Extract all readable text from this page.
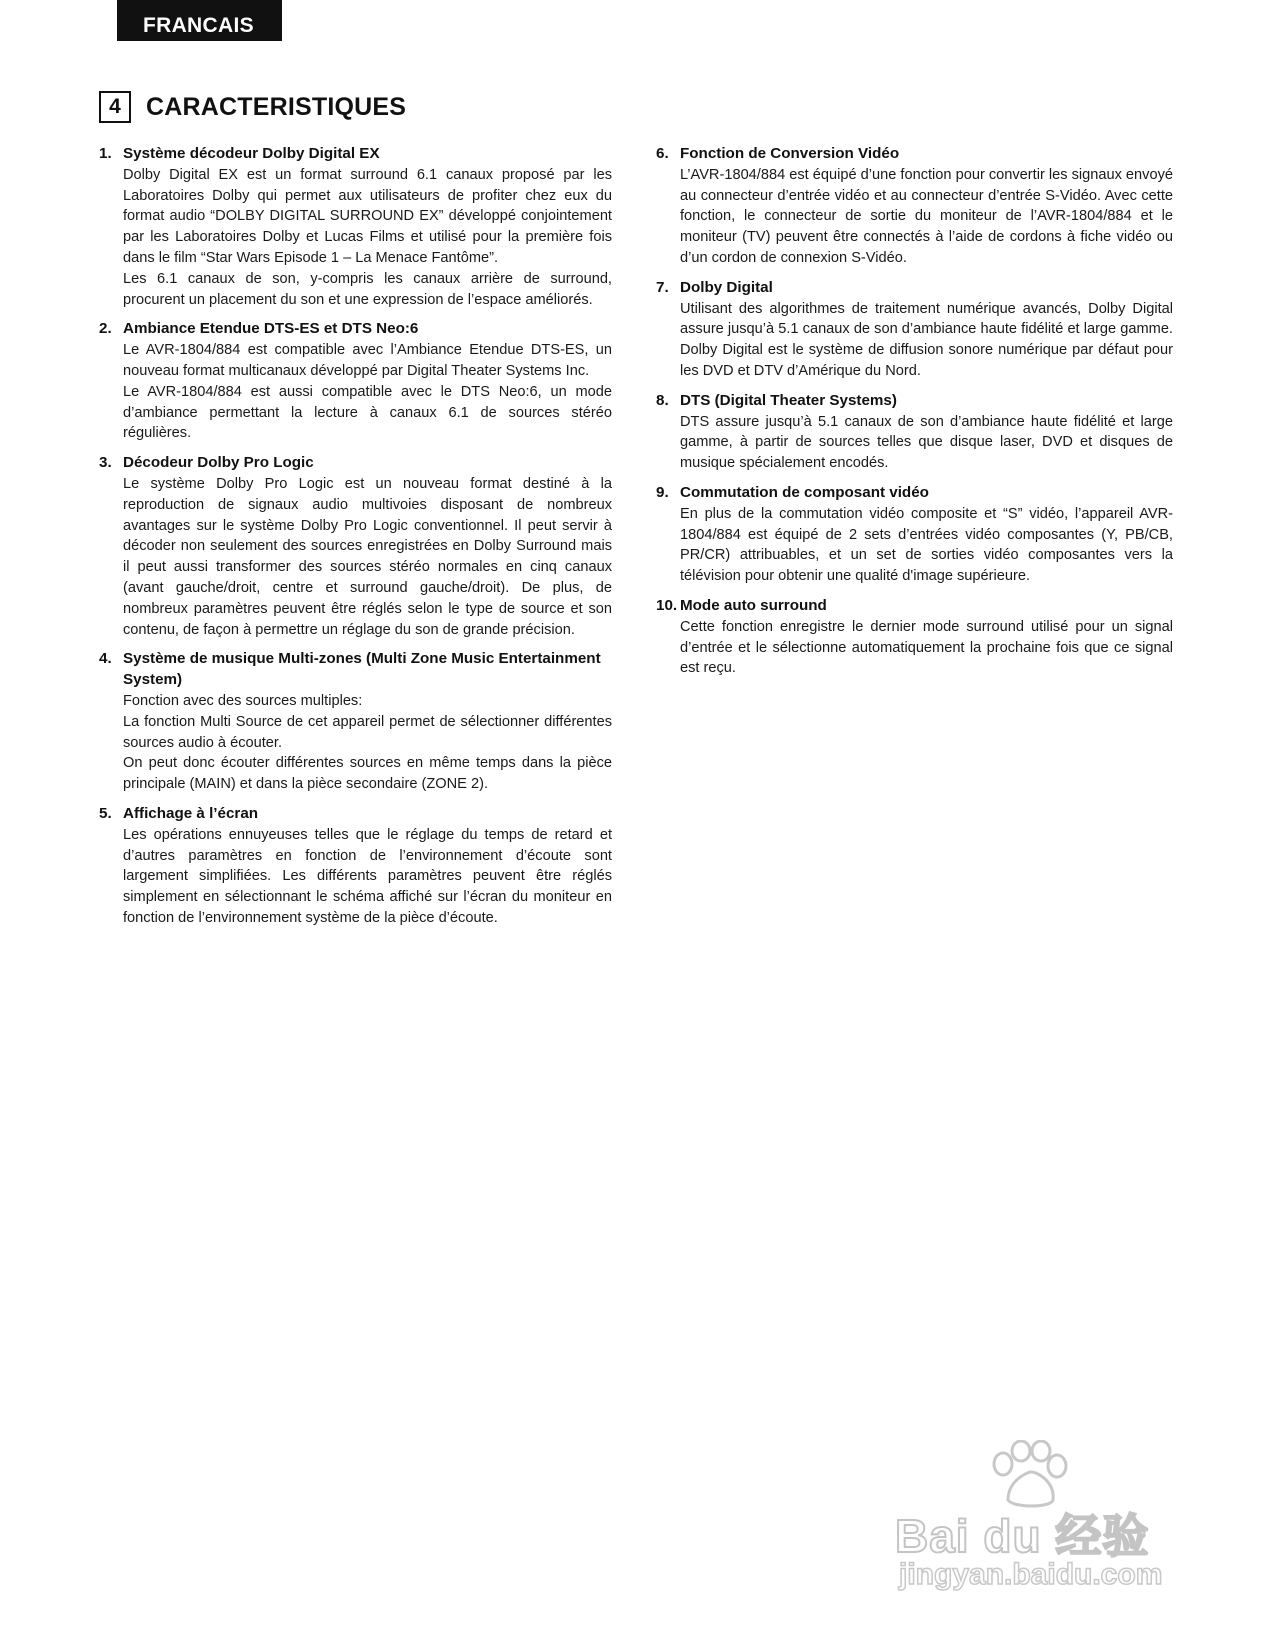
FRANCAIS
4	CARACTERISTIQUES
1. Système décodeur Dolby Digital EX

Dolby Digital EX est un format surround 6.1 canaux proposé par les Laboratoires Dolby qui permet aux utilisateurs de profiter chez eux du format audio “DOLBY DIGITAL SURROUND EX” développé conjointement par les Laboratoires Dolby et Lucas Films et utilisé pour la première fois dans le film “Star Wars Episode 1 – La Menace Fantôme”.

Les 6.1 canaux de son, y-compris les canaux arrière de surround, procurent un placement du son et une expression de l’espace améliorés.

2. Ambiance Etendue DTS-ES et DTS Neo:6

Le AVR-1804/884 est compatible avec l’Ambiance Etendue DTS-ES, un nouveau format multicanaux développé par Digital Theater Systems Inc.

Le AVR-1804/884 est aussi compatible avec le DTS Neo:6, un mode d’ambiance permettant la lecture à canaux 6.1 de sources stéréo régulières.

3. Décodeur Dolby Pro Logic

Le système Dolby Pro Logic est un nouveau format destiné à la reproduction de signaux audio multivoies disposant de nombreux avantages sur le système Dolby Pro Logic conventionnel. Il peut servir à décoder non seulement des sources enregistrées en Dolby Surround mais il peut aussi transformer des sources stéréo normales en cinq canaux (avant gauche/droit, centre et surround gauche/droit). De plus, de nombreux paramètres peuvent être réglés selon le type de source et son contenu, de façon à permettre un réglage du son de grande précision.

4. Système de musique Multi-zones (Multi Zone Music Entertainment System)

Fonction avec des sources multiples:

La fonction Multi Source de cet appareil permet de sélectionner différentes sources audio à écouter.

On peut donc écouter différentes sources en même temps dans la pièce principale (MAIN) et dans la pièce secondaire (ZONE 2).

5. Affichage à l’écran

Les opérations ennuyeuses telles que le réglage du temps de retard et d’autres paramètres en fonction de l’environnement d’écoute sont largement simplifiées. Les différents paramètres peuvent être réglés simplement en sélectionnant le schéma affiché sur l’écran du moniteur en fonction de l’environnement système de la pièce d’écoute.

6. Fonction de Conversion Vidéo

L’AVR-1804/884 est équipé d’une fonction pour convertir les signaux envoyé au connecteur d’entrée vidéo et au connecteur d’entrée S-Vidéo. Avec cette fonction, le connecteur de sortie du moniteur de l’AVR-1804/884 et le moniteur (TV) peuvent être connectés à l’aide de cordons à fiche vidéo ou d’un cordon de connexion S-Vidéo.

7. Dolby Digital

Utilisant des algorithmes de traitement numérique avancés, Dolby Digital assure jusqu’à 5.1 canaux de son d’ambiance haute fidélité et large gamme. Dolby Digital est le système de diffusion sonore numérique par défaut pour les DVD et DTV d’Amérique du Nord.

8. DTS (Digital Theater Systems)

DTS assure jusqu’à 5.1 canaux de son d’ambiance haute fidélité et large gamme, à partir de sources telles que disque laser, DVD et disques de musique spécialement encodés.

9. Commutation de composant vidéo

En plus de la commutation vidéo composite et “S” vidéo, l’appareil AVR-1804/884 est équipé de 2 sets d’entrées vidéo composantes (Y, PB/CB, PR/CR) attribuables, et un set de sorties vidéo composantes vers la télévision pour obtenir une qualité d'image supérieure.

10. Mode auto surround

Cette fonction enregistre le dernier mode surround utilisé pour un signal d’entrée et le sélectionne automatiquement la prochaine fois que ce signal est reçu.

Bai du 经验
jingyan.baidu.com
